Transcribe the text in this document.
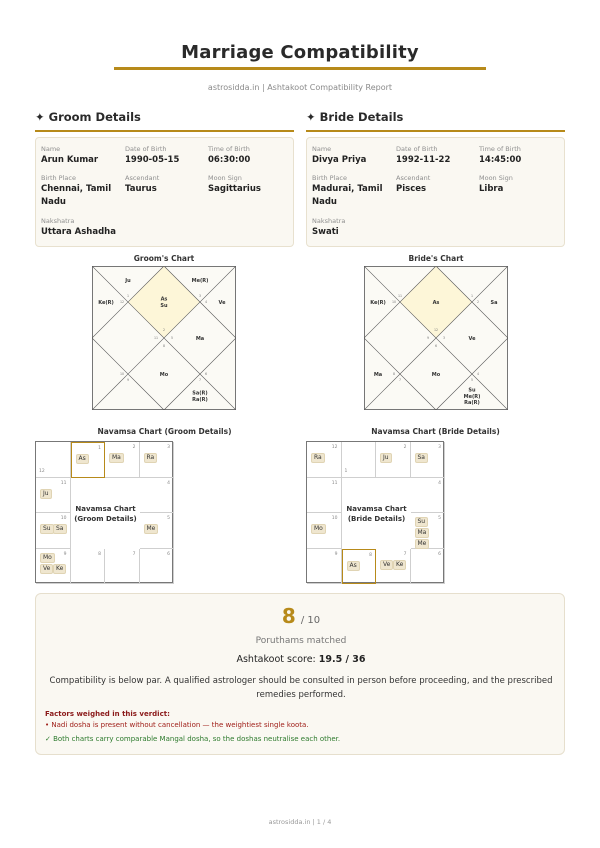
Marriage Compatibility
astrosidda.in | Ashtakoot Compatibility Report
✦ Groom Details
Name
Arun Kumar
Date of Birth
1990-05-15
Time of Birth
06:30:00
Birth Place
Chennai, Tamil Nadu
Ascendant
Taurus
Moon Sign
Sagittarius
Nakshatra
Uttara Ashadha
✦ Bride Details
Name
Divya Priya
Date of Birth
1992-11-22
Time of Birth
14:45:00
Birth Place
Madurai, Tamil Nadu
Ascendant
Pisces
Moon Sign
Libra
Nakshatra
Swati
Groom's Chart
As
Su
2
Ju
1
Ke(R) 12
11
10
9
Mo
8
Sa(R)
Ra(R)
7
6
Ma
5
Ve
4
Me(R)
3
Bride's Chart
As
12
11
Ke(R) 10
9
Ma	8
7
Mo
6
Su
Me(R)
Ra(R)
5
4
Ve
3
Sa
2
1
Navamsa Chart (Groom Details)
12
1
As
2
Ma
3
Ra
11
Ju
4
10
Su Sa
5
Me
9
Mo
Ve Ke
8	7	6
Navamsa Chart (Groom Details)
Navamsa Chart (Bride Details)
12
Ra
1
2
Ju
3
Sa
11	4
10
Mo
5
Su
Ma
Me
9	8
As
7
Ve Ke
6
Navamsa Chart (Bride Details)
8 / 10
Poruthams matched
Ashtakoot score: 19.5 / 36
Compatibility is below par. A qualified astrologer should be consulted in person before proceeding, and the prescribed remedies performed.
Factors weighed in this verdict:
• Nadi dosha is present without cancellation — the weightiest single koota.
✓ Both charts carry comparable Mangal dosha, so the doshas neutralise each other.
astrosidda.in | 1 / 4
